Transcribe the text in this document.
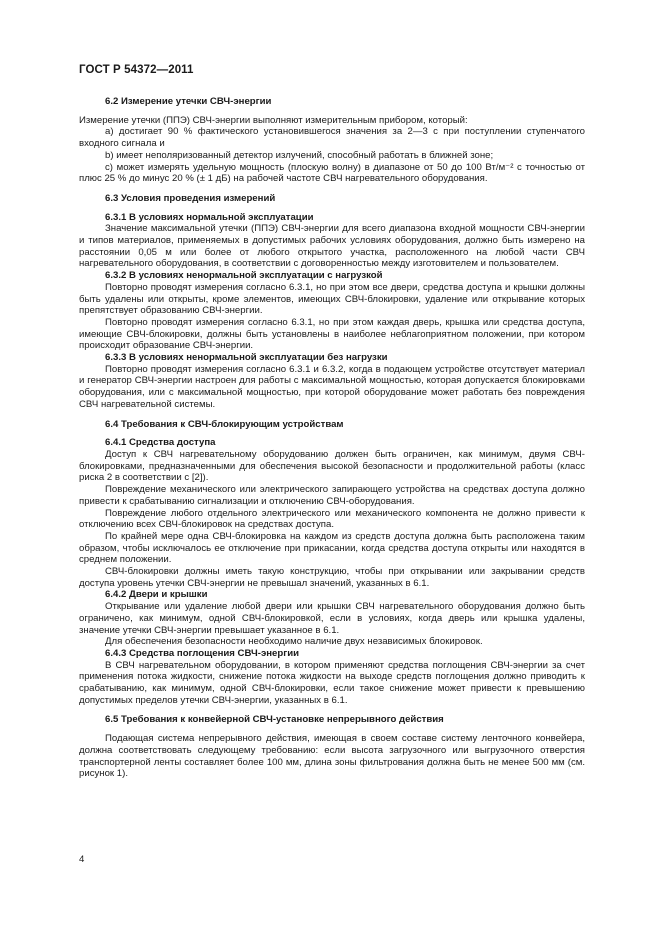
ГОСТ Р 54372—2011

6.2 Измерение утечки СВЧ-энергии

Измерение утечки (ППЭ) СВЧ-энергии выполняют измерительным прибором, который:

а) достигает 90 % фактического установившегося значения за 2—3 с при поступлении ступенчатого входного сигнала и

b) имеет неполяризованный детектор излучений, способный работать в ближней зоне;

с) может измерять удельную мощность (плоскую волну) в диапазоне от 50 до 100 Вт/м⁻² с точностью от плюс 25 % до минус 20 % (± 1 дБ) на рабочей частоте СВЧ нагревательного оборудования.

6.3 Условия проведения измерений

6.3.1 В условиях нормальной эксплуатации

Значение максимальной утечки (ППЭ) СВЧ-энергии для всего диапазона входной мощности СВЧ-энергии и типов материалов, применяемых в допустимых рабочих условиях оборудования, должно быть измерено на расстоянии 0,05 м или более от любого открытого участка, расположенного на любой части СВЧ нагревательного оборудования, в соответствии с договоренностью между изготовителем и пользователем.

6.3.2 В условиях ненормальной эксплуатации с нагрузкой

Повторно проводят измерения согласно 6.3.1, но при этом все двери, средства доступа и крышки должны быть удалены или открыты, кроме элементов, имеющих СВЧ-блокировки, удаление или открывание которых препятствует образованию СВЧ-энергии.

Повторно проводят измерения согласно 6.3.1, но при этом каждая дверь, крышка или средства доступа, имеющие СВЧ-блокировки, должны быть установлены в наиболее неблагоприятном положении, при котором происходит образование СВЧ-энергии.

6.3.3 В условиях ненормальной эксплуатации без нагрузки

Повторно проводят измерения согласно 6.3.1 и 6.3.2, когда в подающем устройстве отсутствует материал и генератор СВЧ-энергии настроен для работы с максимальной мощностью, которая допускается блокировками оборудования, или с максимальной мощностью, при которой оборудование может работать без повреждения СВЧ нагревательной системы.

6.4 Требования к СВЧ-блокирующим устройствам

6.4.1 Средства доступа

Доступ к СВЧ нагревательному оборудованию должен быть ограничен, как минимум, двумя СВЧ-блокировками, предназначенными для обеспечения высокой безопасности и продолжительной работы (класс риска 2 в соответствии с [2]).

Повреждение механического или электрического запирающего устройства на средствах доступа должно привести к срабатыванию сигнализации и отключению СВЧ-оборудования.

Повреждение любого отдельного электрического или механического компонента не должно привести к отключению всех СВЧ-блокировок на средствах доступа.

По крайней мере одна СВЧ-блокировка на каждом из средств доступа должна быть расположена таким образом, чтобы исключалось ее отключение при прикасании, когда средства доступа открыты или находятся в среднем положении.

СВЧ-блокировки должны иметь такую конструкцию, чтобы при открывании или закрывании средств доступа уровень утечки СВЧ-энергии не превышал значений, указанных в 6.1.

6.4.2 Двери и крышки

Открывание или удаление любой двери или крышки СВЧ нагревательного оборудования должно быть ограничено, как минимум, одной СВЧ-блокировкой, если в условиях, когда дверь или крышка удалены, значение утечки СВЧ-энергии превышает указанное в 6.1.

Для обеспечения безопасности необходимо наличие двух независимых блокировок.

6.4.3 Средства поглощения СВЧ-энергии

В СВЧ нагревательном оборудовании, в котором применяют средства поглощения СВЧ-энергии за счет применения потока жидкости, снижение потока жидкости на выходе средств поглощения должно приводить к срабатыванию, как минимум, одной СВЧ-блокировки, если такое снижение может привести к превышению допустимых пределов утечки СВЧ-энергии, указанных в 6.1.

6.5 Требования к конвейерной СВЧ-установке непрерывного действия

Подающая система непрерывного действия, имеющая в своем составе систему ленточного конвейера, должна соответствовать следующему требованию: если высота загрузочного или выгрузочного отверстия транспортерной ленты составляет более 100 мм, длина зоны фильтрования должна быть не менее 500 мм (см. рисунок 1).

4
